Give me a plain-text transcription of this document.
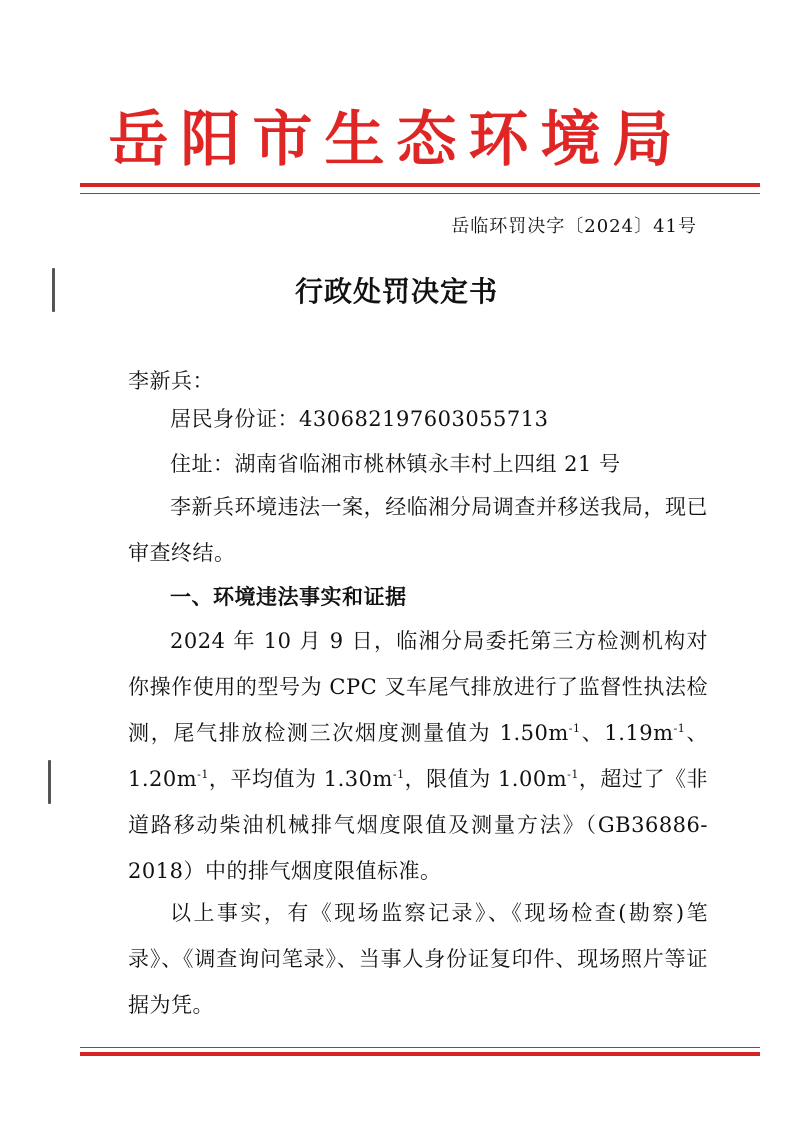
岳阳市生态环境局
岳临环罚决字〔2024〕41号
行政处罚决定书
李新兵：
居民身份证：430682197603055713
住址：湖南省临湘市桃林镇永丰村上四组 21 号
李新兵环境违法一案，经临湘分局调查并移送我局，现已审查终结。
一、环境违法事实和证据
2024 年 10 月 9 日，临湘分局委托第三方检测机构对你操作使用的型号为 CPC 叉车尾气排放进行了监督性执法检测，尾气排放检测三次烟度测量值为 $1.50m^{-1}$、$1.19m^{-1}$、$1.20m^{-1}$，平均值为 $1.30m^{-1}$，限值为 $1.00m^{-1}$，超过了《非道路移动柴油机械排气烟度限值及测量方法》（GB36886-2018）中的排气烟度限值标准。
以上事实，有《现场监察记录》、《现场检查(勘察)笔录》、《调查询问笔录》、当事人身份证复印件、现场照片等证据为凭。
